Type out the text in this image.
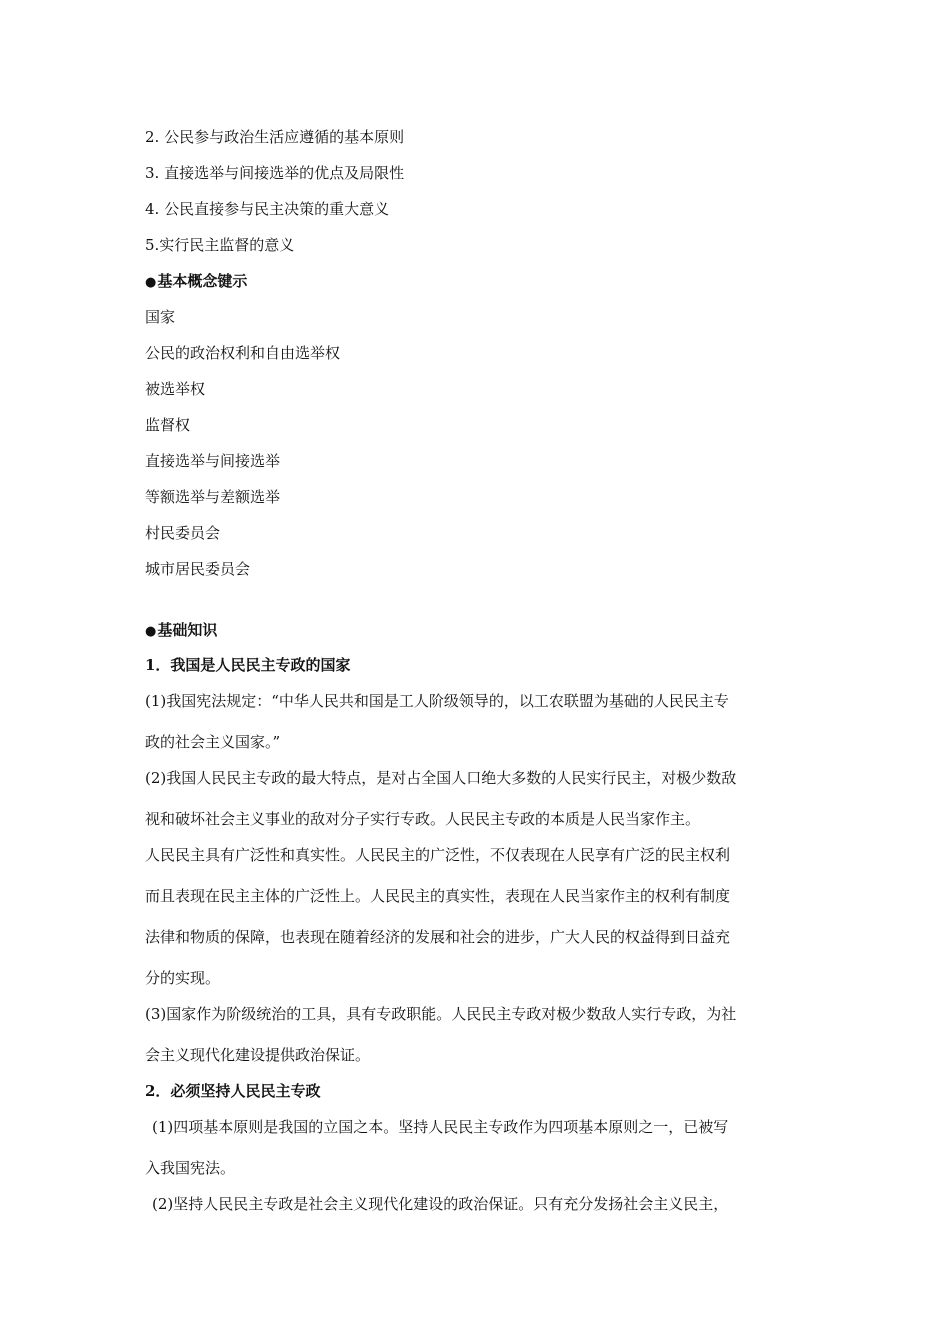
2. 公民参与政治生活应遵循的基本原则
3. 直接选举与间接选举的优点及局限性
4. 公民直接参与民主决策的重大意义
5.实行民主监督的意义
●基本概念键示
国家
公民的政治权利和自由选举权
被选举权
监督权
直接选举与间接选举
等额选举与差额选举
村民委员会
城市居民委员会
●基础知识
1．我国是人民民主专政的国家
(1)我国宪法规定：“中华人民共和国是工人阶级领导的，以工农联盟为基础的人民民主专
政的社会主义国家。”
(2)我国人民民主专政的最大特点，是对占全国人口绝大多数的人民实行民主，对极少数敌
视和破坏社会主义事业的敌对分子实行专政。人民民主专政的本质是人民当家作主。
人民民主具有广泛性和真实性。人民民主的广泛性，不仅表现在人民享有广泛的民主权利
而且表现在民主主体的广泛性上。人民民主的真实性，表现在人民当家作主的权利有制度
法律和物质的保障，也表现在随着经济的发展和社会的进步，广大人民的权益得到日益充
分的实现。
(3)国家作为阶级统治的工具，具有专政职能。人民民主专政对极少数敌人实行专政，为社
会主义现代化建设提供政治保证。
2．必须坚持人民民主专政
(1)四项基本原则是我国的立国之本。坚持人民民主专政作为四项基本原则之一，已被写
入我国宪法。
(2)坚持人民民主专政是社会主义现代化建设的政治保证。只有充分发扬社会主义民主，
